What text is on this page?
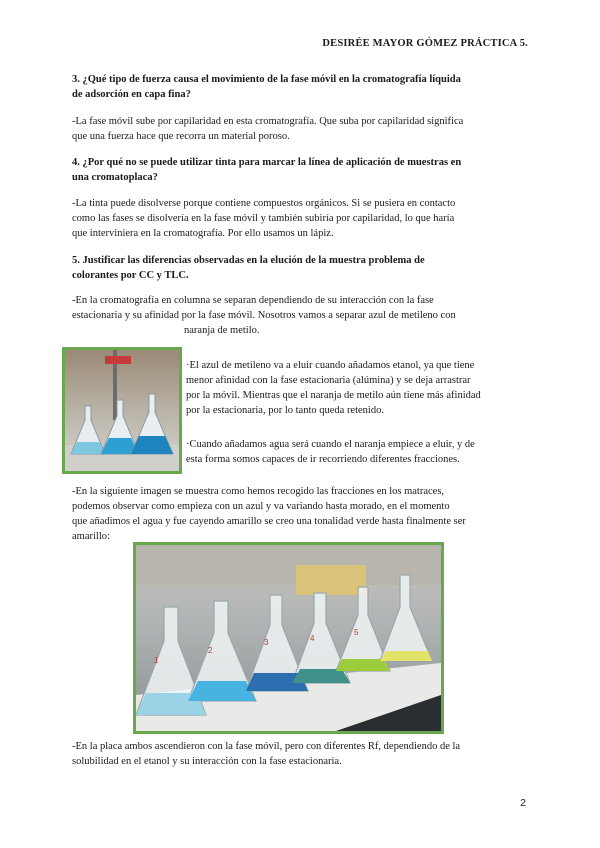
DESIRÉE MAYOR GÓMEZ PRÁCTICA 5.
3. ¿Qué tipo de fuerza causa el movimiento de la fase móvil en la cromatografía líquida
de adsorción en capa fina?
-La fase móvil sube por capilaridad en esta cromatografía. Que suba por capilaridad significa
que una fuerza hace que recorra un material poroso.
4. ¿Por qué no se puede utilizar tinta para marcar la línea de aplicación de muestras en
una cromatoplaca?
-La tinta puede disolverse porque contiene compuestos orgánicos. Si se pusiera en contacto
como las fases se disolvería en la fase móvil y también subiría por capilaridad, lo que haría
que interviniera en la cromatografía. Por ello usamos un lápiz.
5. Justificar las diferencias observadas en la elución de la muestra problema de
colorantes por CC y TLC.
-En la cromatografía en columna se separan dependiendo de su interacción con la fase
estacionaria y su afinidad por la fase móvil. Nosotros vamos a separar azul de metileno con
naranja de metilo.
·El azul de metileno va a eluir cuando añadamos etanol, ya que tiene
menor afinidad con la fase estacionaria (alúmina) y se deja arrastrar
por la móvil. Mientras que el naranja de metilo aún tiene más afinidad
por la estacionaria, por lo tanto queda retenido.
·Cuando añadamos agua será cuando el naranja empiece a eluir, y de
esta forma somos capaces de ir recorriendo diferentes fracciones.
-En la siguiente imagen se muestra como hemos recogido las fracciones en los matraces,
podemos observar como empieza con un azul y va variando hasta morado, en el momento
que añadimos el agua y fue cayendo amarillo se creo una tonalidad verde hasta finalmente ser
amarillo:
1
2
3	4
5
-En la placa ambos ascendieron con la fase móvil, pero con diferentes Rf, dependiendo de la
solubilidad en el etanol y su interacción con la fase estacionaria.
2
